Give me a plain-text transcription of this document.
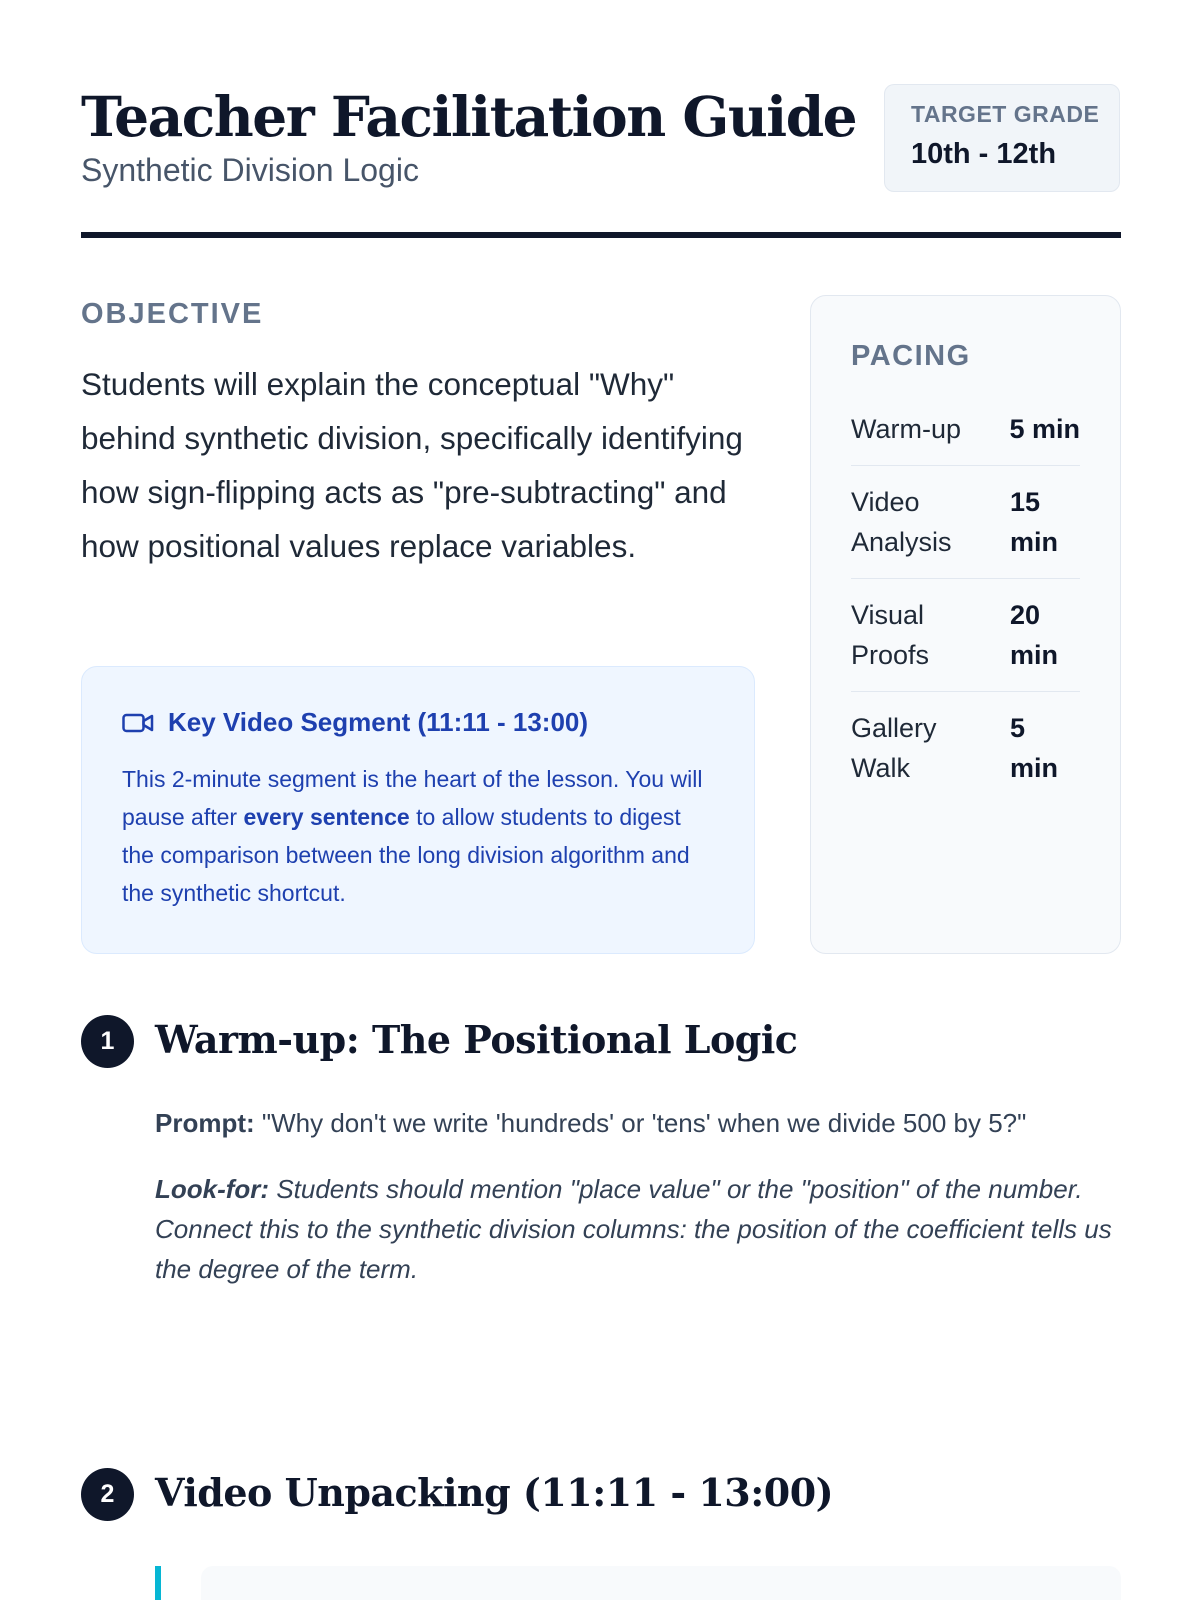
Teacher Facilitation Guide
Synthetic Division Logic
TARGET GRADE
10th - 12th
OBJECTIVE
Students will explain the conceptual "Why" behind synthetic division, specifically identifying how sign-flipping acts as "pre-subtracting" and how positional values replace variables.
Key Video Segment (11:11 - 13:00)
This 2-minute segment is the heart of the lesson. You will pause after every sentence to allow students to digest the comparison between the long division algorithm and the synthetic shortcut.
PACING
Warm-up 5 min
Video Analysis
15 min
Visual Proofs
20 min
Gallery Walk
5 min
1	Warm-up: The Positional Logic

Prompt: "Why don't we write 'hundreds' or 'tens' when we divide 500 by 5?"

Look-for: Students should mention "place value" or the "position" of the number. Connect this to the synthetic division columns: the position of the coefficient tells us the degree of the term.

2	Video Unpacking (11:11 - 13:00)
